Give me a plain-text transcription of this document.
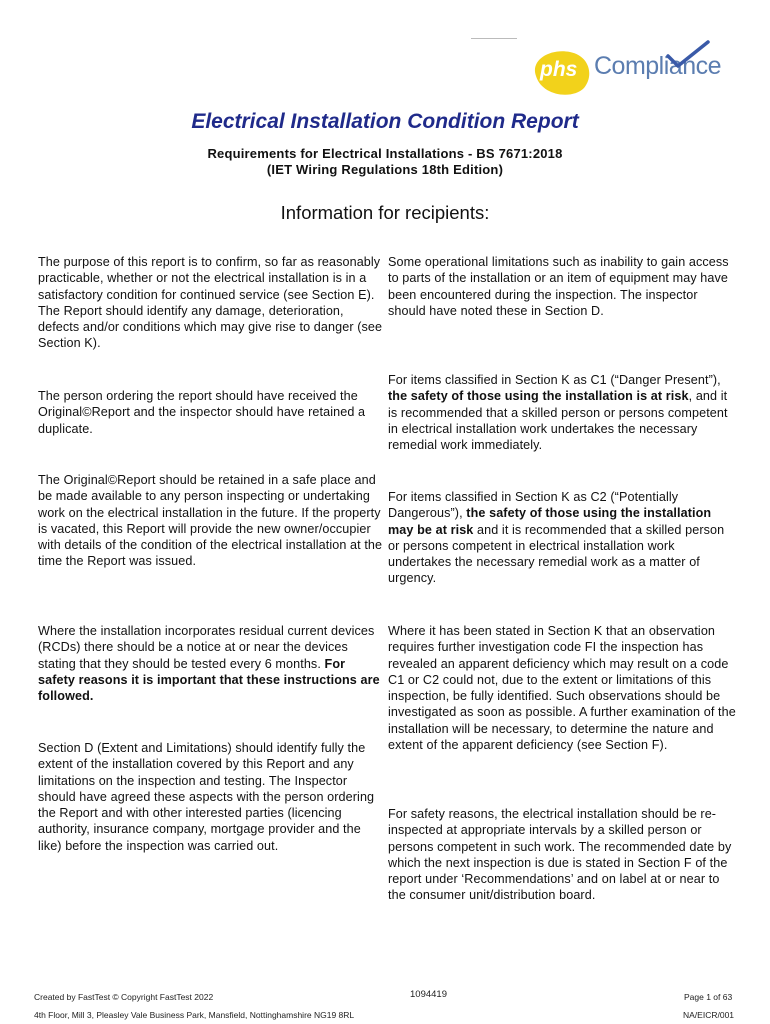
phs Compliance
Electrical Installation Condition Report
Requirements for Electrical Installations - BS 7671:2018
(IET Wiring Regulations 18th Edition)
Information for recipients:
The purpose of this report is to confirm, so far as reasonably practicable, whether or not the electrical installation is in a satisfactory condition for continued service (see Section E). The Report should identify any damage, deterioration, defects and/or conditions which may give rise to danger (see Section K).
The person ordering the report should have received the Original©Report and the inspector should have retained a duplicate.
The Original©Report should be retained in a safe place and be made available to any person inspecting or undertaking work on the electrical installation in the future. If the property is vacated, this Report will provide the new owner/occupier with details of the condition of the electrical installation at the time the Report was issued.
Where the installation incorporates residual current devices (RCDs) there should be a notice at or near the devices stating that they should be tested every 6 months. For safety reasons it is important that these instructions are followed.
Section D (Extent and Limitations) should identify fully the extent of the installation covered by this Report and any limitations on the inspection and testing. The Inspector should have agreed these aspects with the person ordering the Report and with other interested parties (licencing authority, insurance company, mortgage provider and the like) before the inspection was carried out.
Some operational limitations such as inability to gain access to parts of the installation or an item of equipment may have been encountered during the inspection. The inspector should have noted these in Section D.
For items classified in Section K as C1 (“Danger Present”), the safety of those using the installation is at risk, and it is recommended that a skilled person or persons competent in electrical installation work undertakes the necessary remedial work immediately.
For items classified in Section K as C2 (“Potentially Dangerous”), the safety of those using the installation may be at risk and it is recommended that a skilled person or persons competent in electrical installation work undertakes the necessary remedial work as a matter of urgency.
Where it has been stated in Section K that an observation requires further investigation code FI the inspection has revealed an apparent deficiency which may result on a code C1 or C2 could not, due to the extent or limitations of this inspection, be fully identified. Such observations should be investigated as soon as possible. A further examination of the installation will be necessary, to determine the nature and extent of the apparent deficiency (see Section F).
For safety reasons, the electrical installation should be re-inspected at appropriate intervals by a skilled person or persons competent in such work. The recommended date by which the next inspection is due is stated in Section F of the report under ‘Recommendations’ and on label at or near to the consumer unit/distribution board.
Created by FastTest © Copyright FastTest 2022
4th Floor, Mill 3, Pleasley Vale Business Park, Mansfield, Nottinghamshire NG19 8RL
1094419	Page 1 of 63
NA/EICR/001
